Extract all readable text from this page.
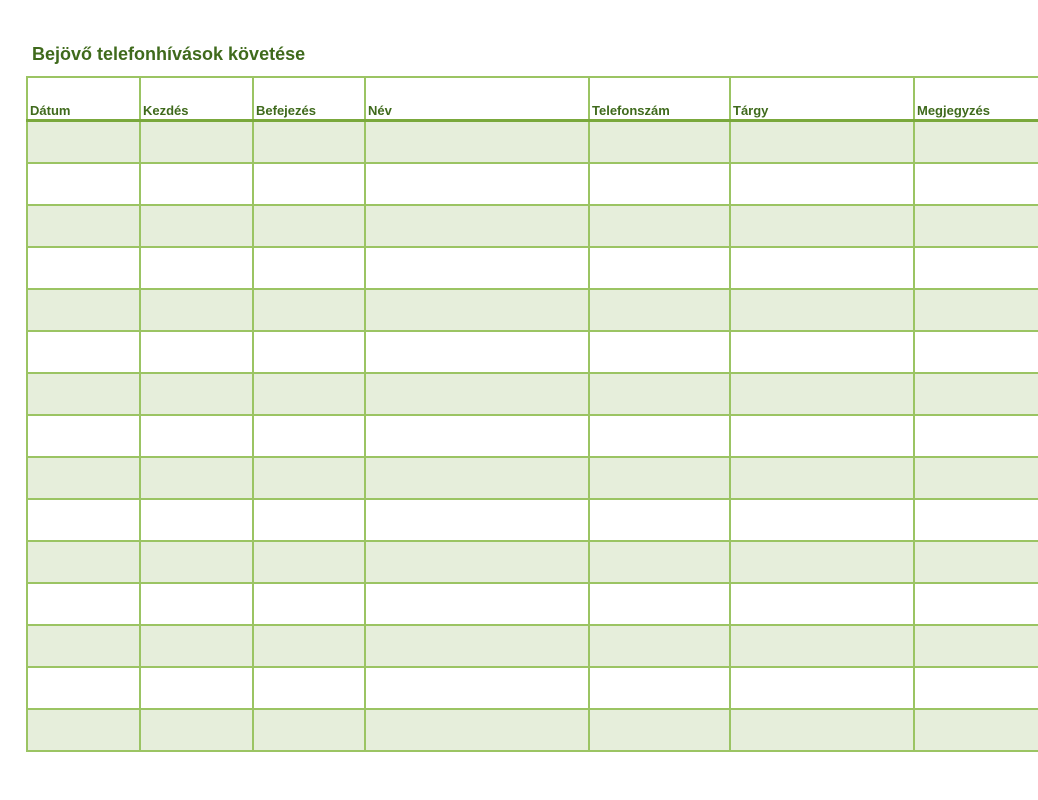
Bejövő telefonhívások követése
Dátum	Kezdés	Befejezés	Név	Telefonszám	Tárgy	Megjegyzés
